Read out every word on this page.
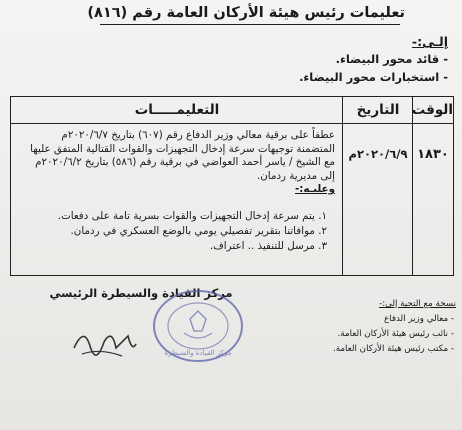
تعليمات رئيس هيئة الأركان العامة رقم (٨١٦)
إلـى:-
- قائد محور البيضاء.
- استخبارات محور البيضاء.
الوقت
التاريخ
التعليمـــــات
١٨٣٠
٢٠٢٠/٦/٩م
عطفاً على برقية معالي وزير الدفاع رقم (٦٠٧) بتاريخ ٢٠٢٠/٦/٧م
المتضمنة توجيهات سرعة إدخال التجهيزات والقوات القتالية المتفق عليها
مع الشيخ / ياسر أحمد العواضي في برقية رقم (٥٨٦) بتاريخ ٢٠٢٠/٦/٢م
إلى مديرية ردمان.
وعليـه:-
١. يتم سرعة إدخال التجهيزات والقوات بسرية تامة على دفعات.
٢. موافاتنا بتقرير تفصيلي يومي بالوضع العسكري في ردمان.
٣. مرسل للتنفيذ .. اعتراف.
مركز القيادة والسيطرة الرئيسي
مركز القيادة والسيطرة
نسخة مع التحية إلى:-
- معالي وزير الدفاع
- نائب رئيس هيئة الأركان العامة.
- مكتب رئيس هيئة الأركان العامة.
